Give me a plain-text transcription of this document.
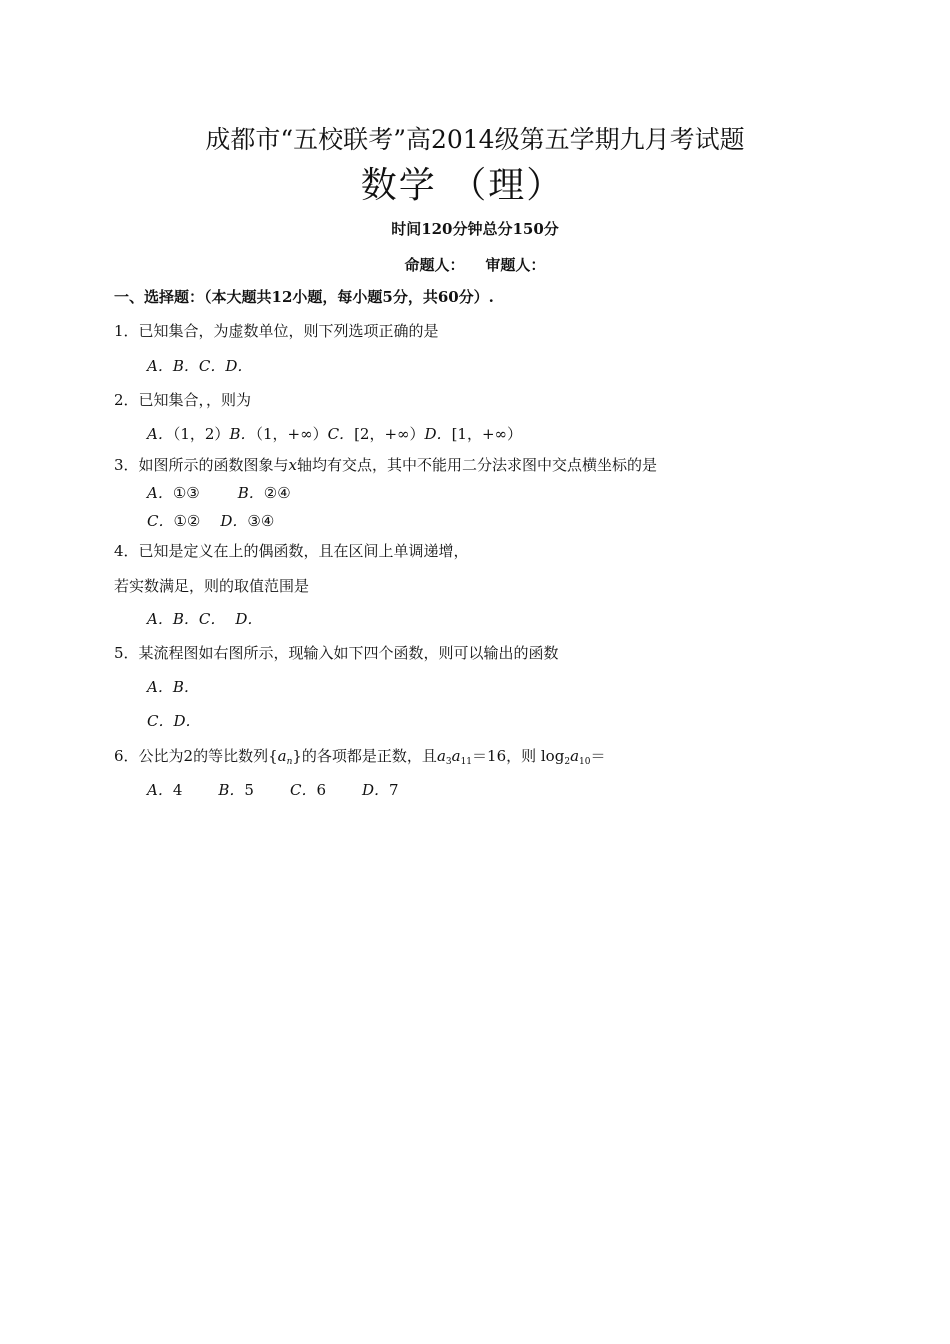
成都市“五校联考”高2014级第五学期九月考试题
数学 （理）
时间120分钟总分150分
命题人：    审题人：
一、选择题：（本大题共12小题，每小题5分，共60分）.
1．已知集合，为虚数单位，则下列选项正确的是
A．B．C．D．
2．已知集合，，则为
A．（1，2）B．（1，+∞）C．[2，+∞）D．[1，+∞）
3．如图所示的函数图象与x轴均有交点，其中不能用二分法求图中交点横坐标的是
A．①③	B．②④
C．①② D．③④
4．已知是定义在上的偶函数，且在区间上单调递增，
若实数满足，则的取值范围是
A．B．C． D．
5．某流程图如右图所示，现输入如下四个函数，则可以输出的函数
A．B．
C．D．
6．公比为2的等比数列$\{a_n\}$的各项都是正数，且$a_3a_{11}=16$，则 $\log_2a_{10}=$
A．4 B．5 C．6 D．7
